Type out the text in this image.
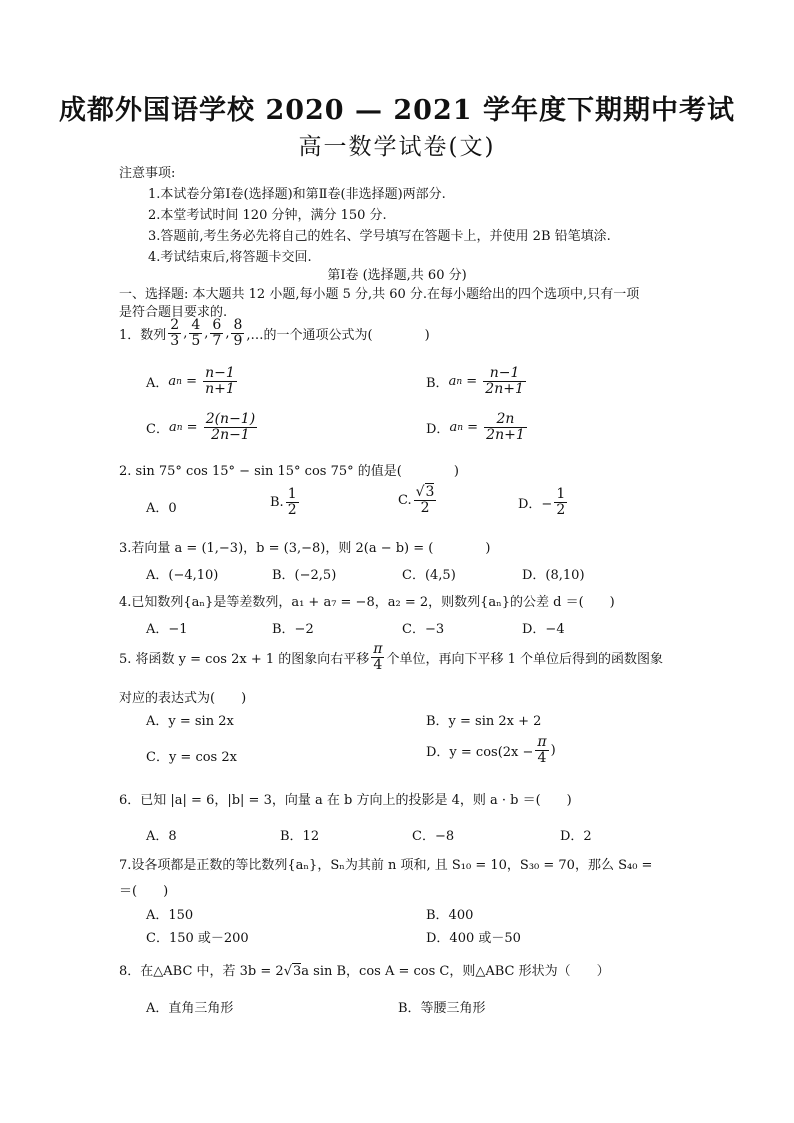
成都外国语学校 2020 — 2021 学年度下期期中考试
高一数学试卷(文)
注意事项:
1.本试卷分第Ⅰ卷(选择题)和第Ⅱ卷(非选择题)两部分.
2.本堂考试时间 120 分钟，满分 150 分.
3.答题前,考生务必先将自己的姓名、学号填写在答题卡上，并使用 2B 铅笔填涂.
4.考试结束后,将答题卡交回.
第Ⅰ卷 (选择题,共 60 分)
一、选择题: 本大题共 12 小题,每小题 5 分,共 60 分.在每小题给出的四个选项中,只有一项
是符合题目要求的.
1．数列 $\frac{2}{3}$ , $\frac{4}{5}$ , $\frac{6}{7}$ , $\frac{8}{9}$ ,…的一个通项公式为(　　　　)
A． a $n = \frac{n-1}{n+1}$	B． a $n = \frac{n-1}{2n+1}$
C． a $n = \frac{2(n-1)}{2n-1}$	D． a $n = \frac{2n}{2n+1}$
2. sin 75° cos 15° − sin 15° cos 75° 的值是(　　　　)
A．0	B. $\frac{1}{2}$	C. $\frac{√3}{2}$	D．− $\frac{1}{2}$
3.若向量 a = (1,−3)，b = (3,−8)，则 2(a − b) = (　　　　)
A．(−4,10)	B．(−2,5)	C．(4,5)	D．(8,10)
4.已知数列{aₙ}是等差数列，a₁ + a₇ = −8，a₂ = 2，则数列{aₙ}的公差 d ＝(　　)
A．−1	B．−2	C．−3	D．−4
5. 将函数 y = cos 2x + 1 的图象向右平移 $\frac{\pi}{4}$ 个单位，再向下平移 1 个单位后得到的函数图象
对应的表达式为(　　)
A．y = sin 2x	B．y = sin 2x + 2
C．y = cos 2x	D．$y = \cos(2x - \frac{\pi}{4}$ )
6．已知 |a| = 6，|b| = 3，向量 a 在 b 方向上的投影是 4，则 a · b ＝(　　)
A．8	B．12	C．−8	D．2
7.设各项都是正数的等比数列{aₙ}，Sₙ为其前 n 项和, 且 S₁₀ = 10，S₃₀ = 70，那么 S₄₀ =
＝(　　)
A．150	B．400
C．150 或－200	D．400 或－50
8．在△ABC 中，若 3b = 2√3a sin B，cos A = cos C，则△ABC 形状为（　　）
A．直角三角形	B．等腰三角形
